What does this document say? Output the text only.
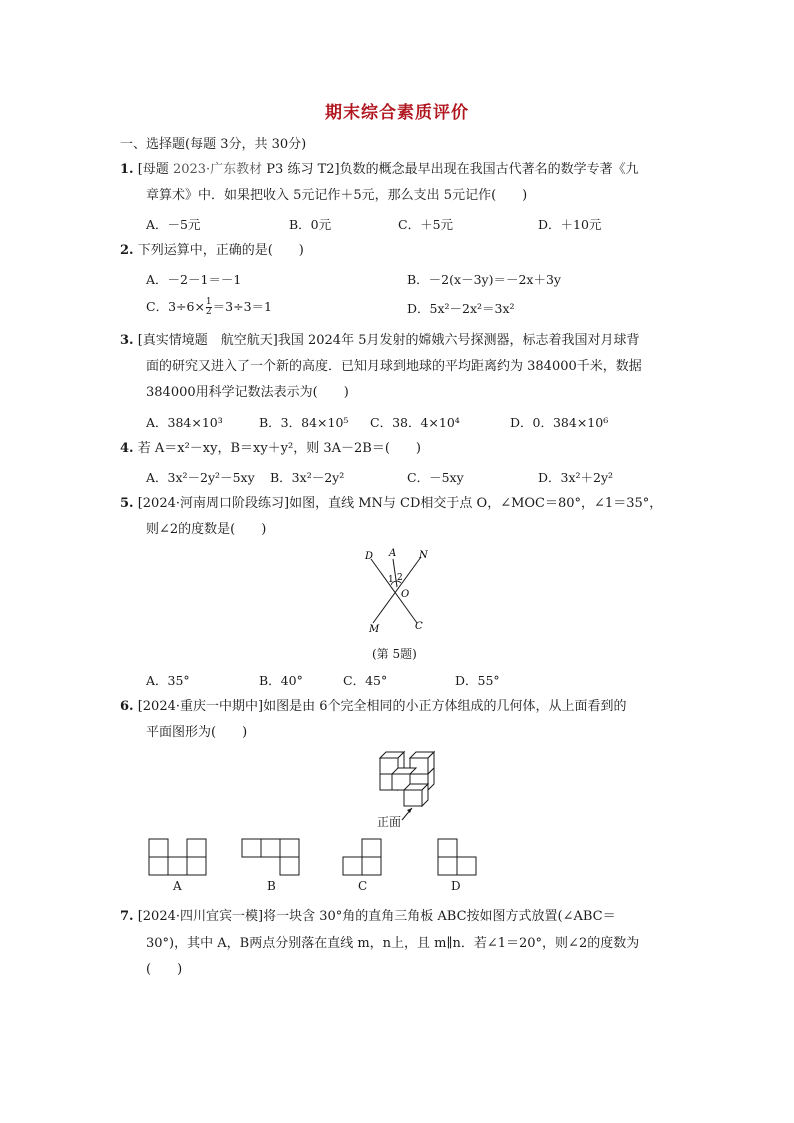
期末综合素质评价
一、选择题(每题 3分，共 30分)
1. [母题 2023·广东教材 P3 练习 T2]负数的概念最早出现在我国古代著名的数学专著《九
章算术》中．如果把收入 5元记作＋5元，那么支出 5元记作(　　)
A．－5元	B．0元	C．＋5元	D．＋10元
2. 下列运算中，正确的是(　　)
A．－2－1＝－1	B．－2(x－3y)＝－2x＋3y
C．$3\div 6\times \frac{1}{2} =3\div 3=1$	D．5x²－2x²＝3x²
3. [真实情境题　航空航天]我国 2024年 5月发射的嫦娥六号探测器，标志着我国对月球背
面的研究又进入了一个新的高度．已知月球到地球的平均距离约为 384000千米，数据
384000用科学记数法表示为(　　)
A．384×10³	B．3．84×10⁵ C．38．4×10⁴	D．0．384×10⁶
4. 若 A＝x²－xy，B＝xy＋y²，则 3A－2B＝(　　)
A．3x²－2y²－5xy B．3x²－2y²	C．－5xy	D．3x²＋2y²
5. [2024·河南周口阶段练习]如图，直线 MN与 CD相交于点 O，∠MOC＝80°，∠1＝35°，
则∠2的度数是(　　)
D A N
1 2
O
M	C
(第 5题)
A．35°	B．40°	C．45°	D．55°
6. [2024·重庆一中期中]如图是由 6个完全相同的小正方体组成的几何体，从上面看到的
平面图形为(　　)
正面
A	B	C	D
7. [2024·四川宜宾一模]将一块含 30°角的直角三角板 ABC按如图方式放置(∠ABC＝
30°)，其中 A，B两点分别落在直线 m，n上，且 m∥n．若∠1＝20°，则∠2的度数为
(　　)
